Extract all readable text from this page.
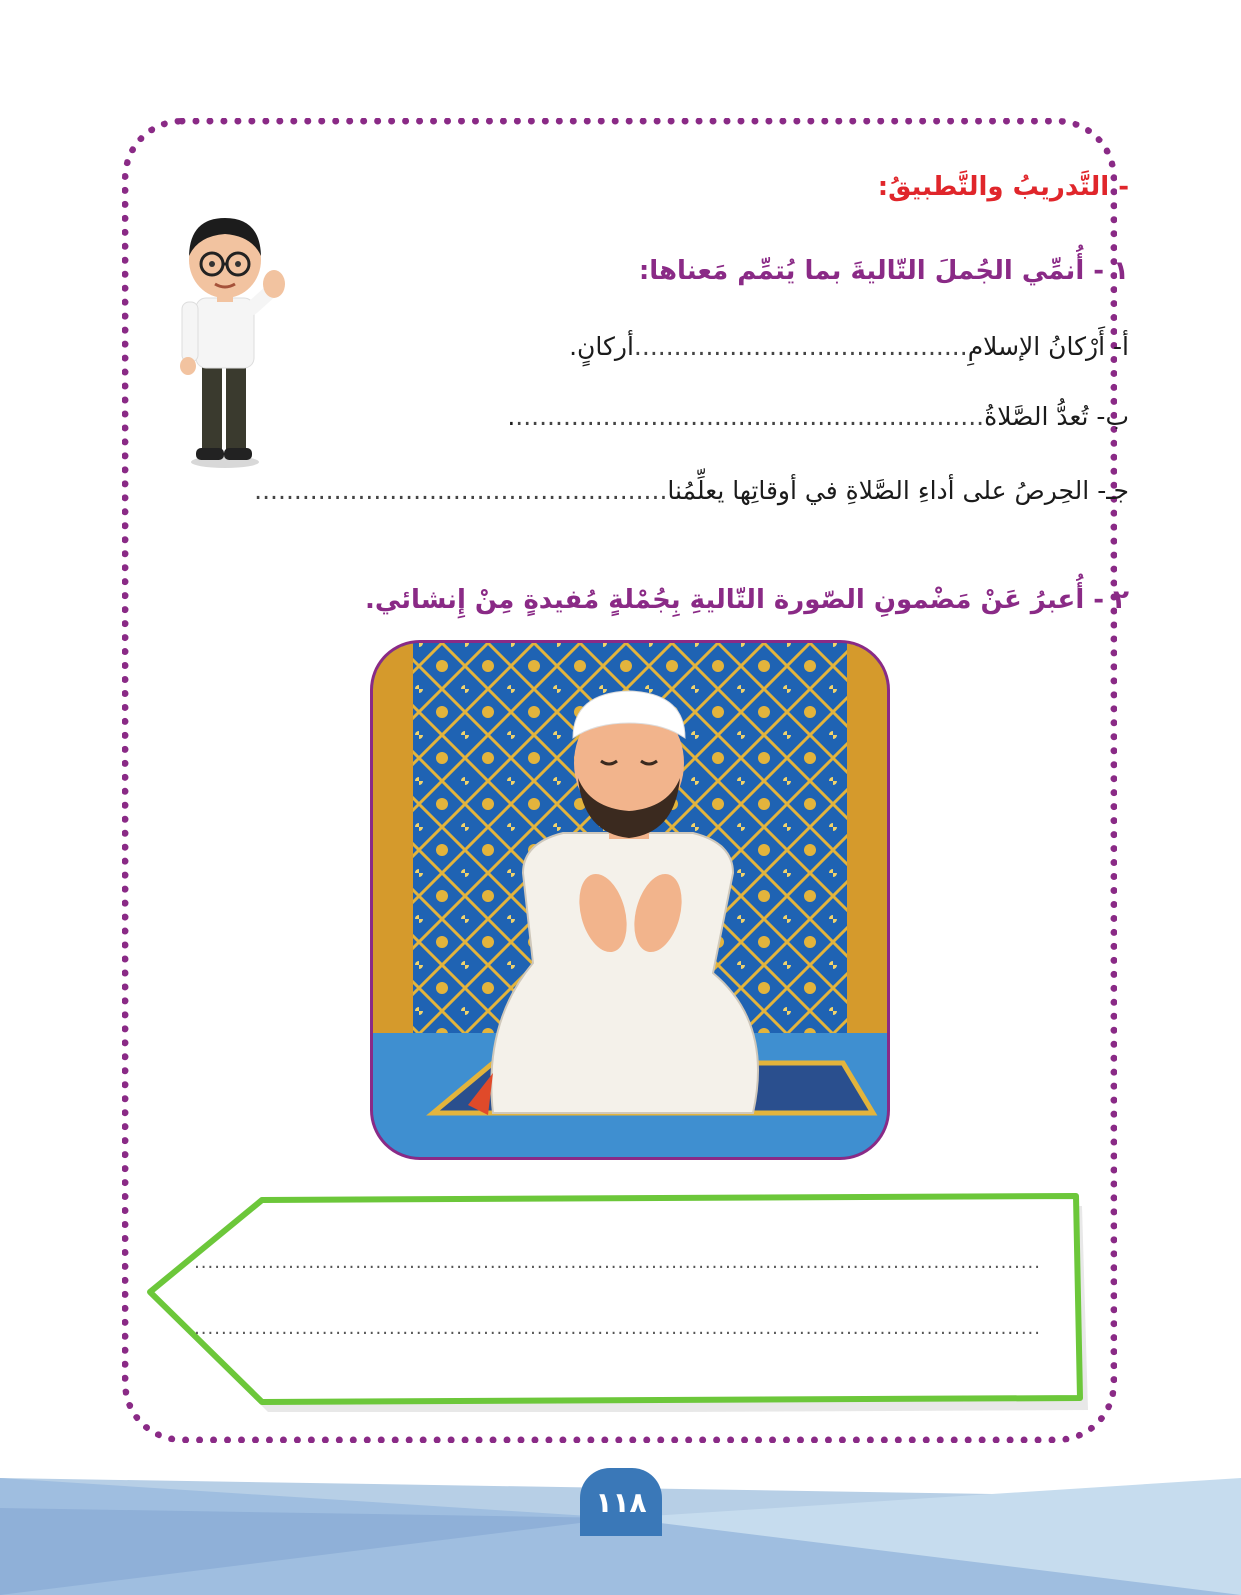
- التَّدريبُ والتَّطبيقُ:
١ - أُنمِّي الجُملَ التّاليةَ بما يُتمِّم مَعناها:
أ- أَرْكانُ الإسلامِ..........................................أركانٍ.
ب- تُعدُّ الصَّلاةُ............................................................
جـ- الحِرصُ على أداءِ الصَّلاةِ في أوقاتِها يعلِّمُنا....................................................
٢ - أُعبرُ عَنْ مَضْمونِ الصّورة التّاليةِ بِجُمْلةٍ مُفيدةٍ مِنْ إِنشائي.
..............................................................................................................................
..............................................................................................................................
١١٨
